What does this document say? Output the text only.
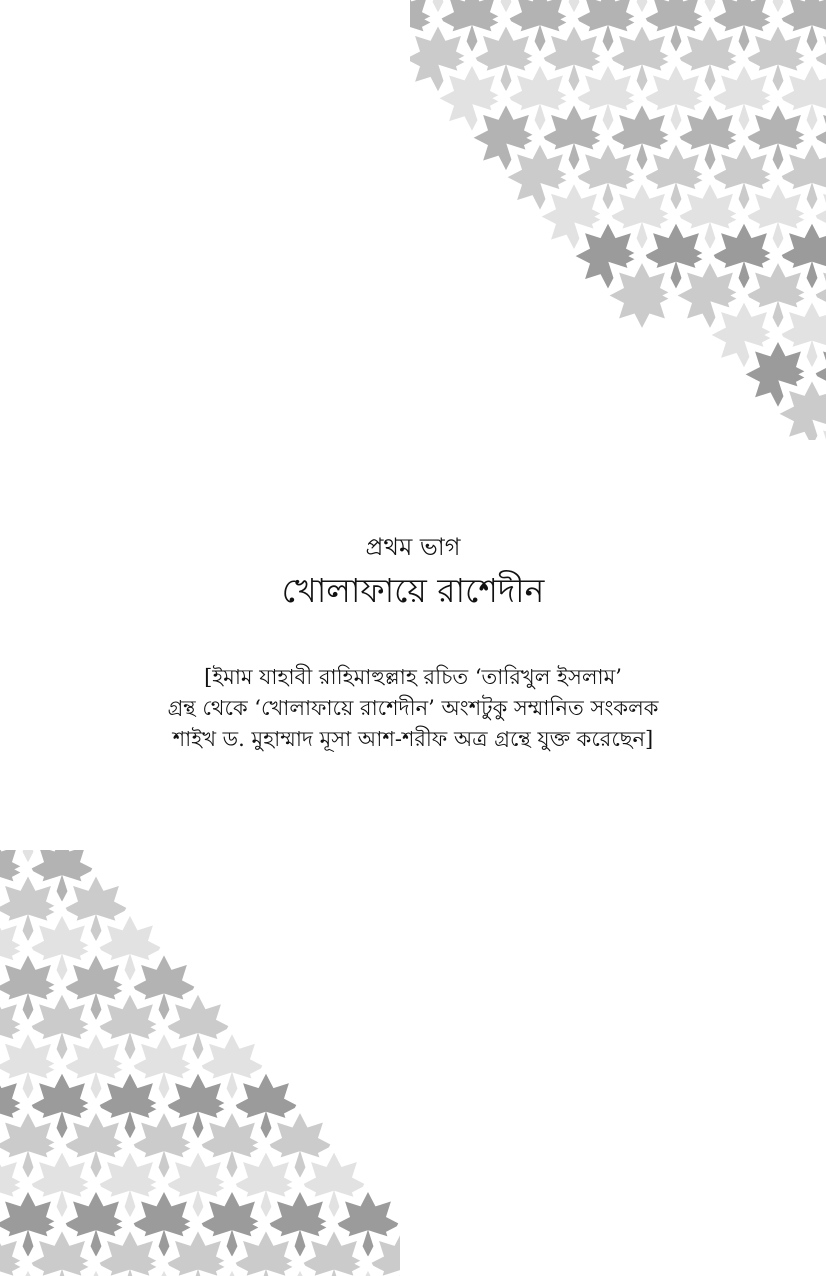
প্রথম ভাগ
খোলাফায়ে রাশেদীন

[ইমাম যাহাবী রাহিমাহুল্লাহ রচিত ‘তারিখুল ইসলাম’
গ্রন্থ থেকে ‘খোলাফায়ে রাশেদীন’ অংশটুকু সম্মানিত সংকলক
শাইখ ড. মুহাম্মাদ মূসা আশ-শরীফ অত্র গ্রন্থে যুক্ত করেছেন]
